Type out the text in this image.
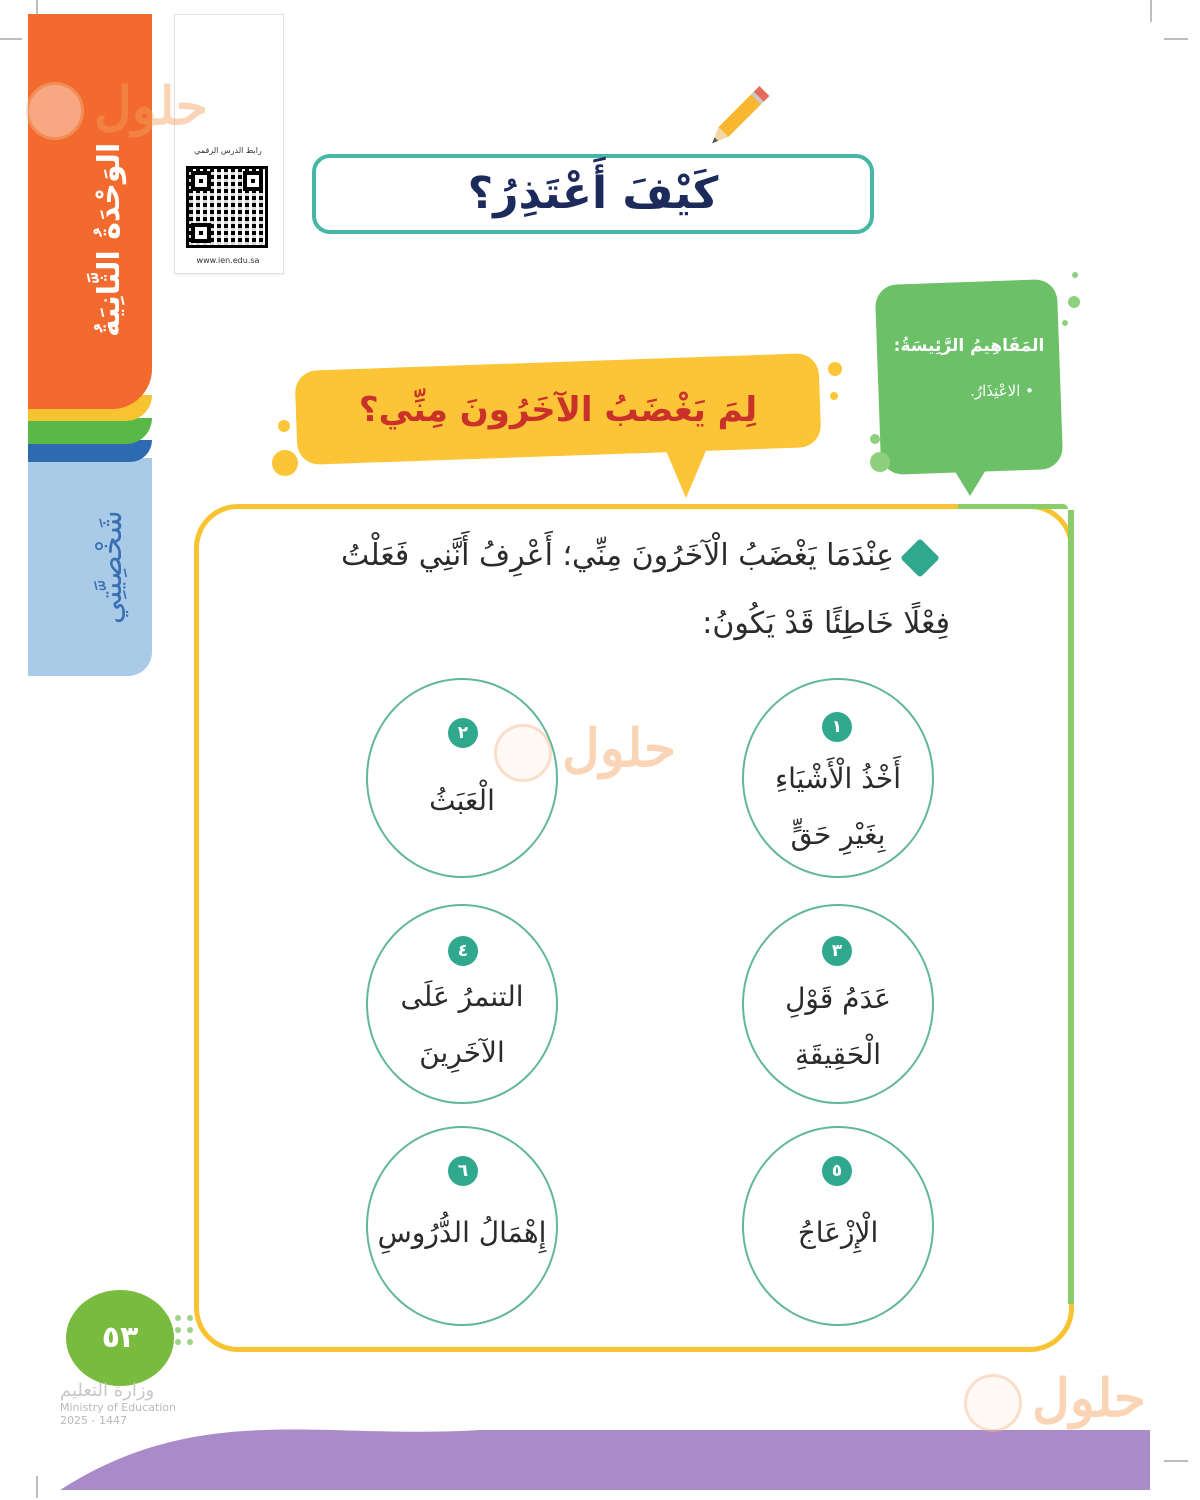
الوَحْدَةُ الثَّانِيَةُ
شَخْصِيَّتِي
رابط الدرس الرقمي
www.ien.edu.sa
كَيْفَ أَعْتَذِرُ؟
المَفَاهِيمُ الرَّئِيسَةُ:
• الاعْتِذَارُ.
لِمَ يَغْضَبُ الآخَرُونَ مِنِّي؟
عِنْدَمَا يَغْضَبُ الْآخَرُونَ مِنِّي؛ أَعْرِفُ أَنَّنِي فَعَلْتُ
فِعْلًا خَاطِئًا قَدْ يَكُونُ:
١
أَخْذُ الْأَشْيَاءِ
بِغَيْرِ حَقٍّ
٢
الْعَبَثُ
٣
عَدَمُ قَوْلِ
الْحَقِيقَةِ
٤
التنمرُ عَلَى
الآخَرِينَ
٥
الْإِزْعَاجُ
٦
إِهْمَالُ الدُّرُوسِ
٥٣
وزارة التعليم
Ministry of Education
2025 - 1447
حلول
حلول
حلول
